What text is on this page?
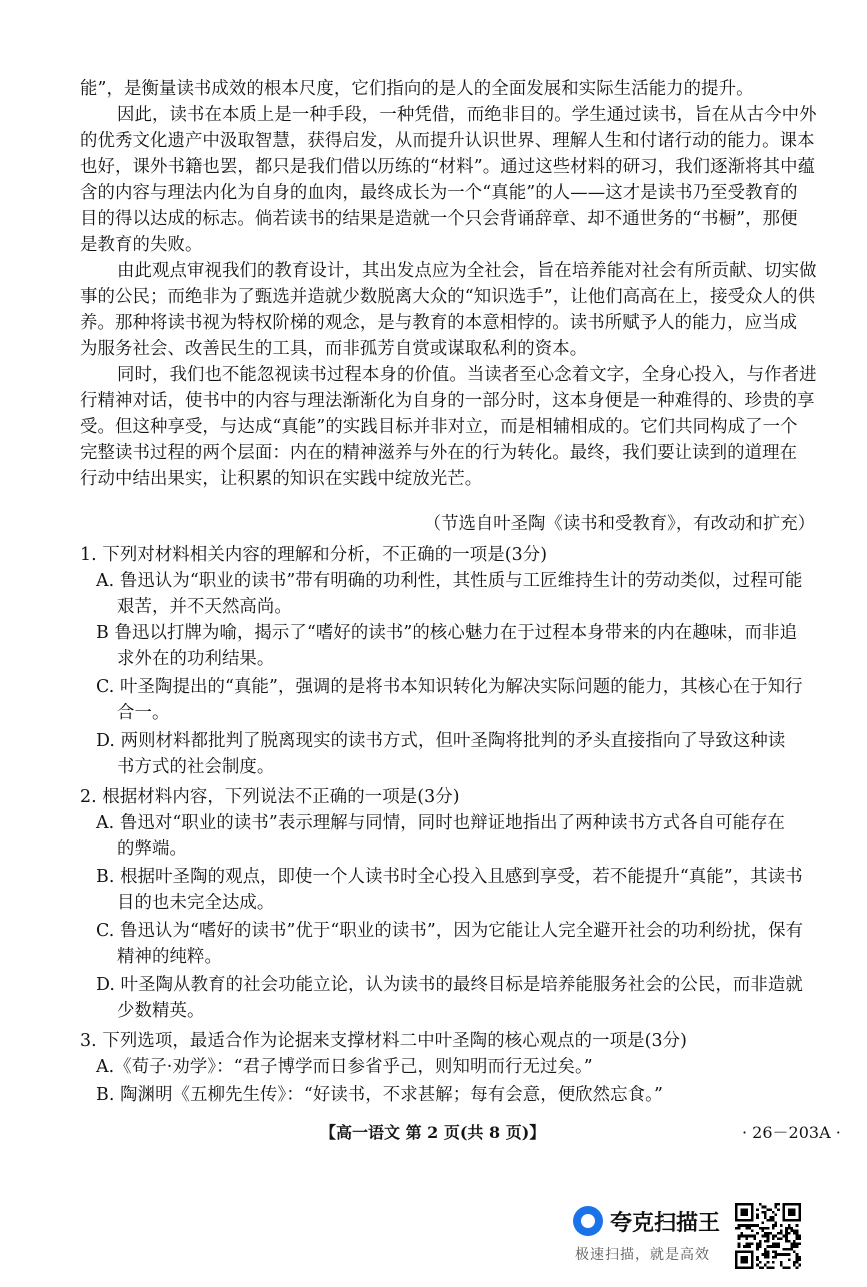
能”，是衡量读书成效的根本尺度，它们指向的是人的全面发展和实际生活能力的提升。
因此，读书在本质上是一种手段，一种凭借，而绝非目的。学生通过读书，旨在从古今中外
的优秀文化遗产中汲取智慧，获得启发，从而提升认识世界、理解人生和付诸行动的能力。课本
也好，课外书籍也罢，都只是我们借以历练的“材料”。通过这些材料的研习，我们逐渐将其中蕴
含的内容与理法内化为自身的血肉，最终成长为一个“真能”的人——这才是读书乃至受教育的
目的得以达成的标志。倘若读书的结果是造就一个只会背诵辞章、却不通世务的“书橱”，那便
是教育的失败。
由此观点审视我们的教育设计，其出发点应为全社会，旨在培养能对社会有所贡献、切实做
事的公民；而绝非为了甄选并造就少数脱离大众的“知识选手”，让他们高高在上，接受众人的供
养。那种将读书视为特权阶梯的观念，是与教育的本意相悖的。读书所赋予人的能力，应当成
为服务社会、改善民生的工具，而非孤芳自赏或谋取私利的资本。
同时，我们也不能忽视读书过程本身的价值。当读者至心念着文字，全身心投入，与作者进
行精神对话，使书中的内容与理法渐渐化为自身的一部分时，这本身便是一种难得的、珍贵的享
受。但这种享受，与达成“真能”的实践目标并非对立，而是相辅相成的。它们共同构成了一个
完整读书过程的两个层面：内在的精神滋养与外在的行为转化。最终，我们要让读到的道理在
行动中结出果实，让积累的知识在实践中绽放光芒。
（节选自叶圣陶《读书和受教育》，有改动和扩充）
1. 下列对材料相关内容的理解和分析，不正确的一项是(3分)
A. 鲁迅认为“职业的读书”带有明确的功利性，其性质与工匠维持生计的劳动类似，过程可能
艰苦，并不天然高尚。
B 鲁迅以打牌为喻，揭示了“嗜好的读书”的核心魅力在于过程本身带来的内在趣味，而非追
求外在的功利结果。
C. 叶圣陶提出的“真能”，强调的是将书本知识转化为解决实际问题的能力，其核心在于知行
合一。
D. 两则材料都批判了脱离现实的读书方式，但叶圣陶将批判的矛头直接指向了导致这种读
书方式的社会制度。
2. 根据材料内容，下列说法不正确的一项是(3分)
A. 鲁迅对“职业的读书”表示理解与同情，同时也辩证地指出了两种读书方式各自可能存在
的弊端。
B. 根据叶圣陶的观点，即使一个人读书时全心投入且感到享受，若不能提升“真能”，其读书
目的也未完全达成。
C. 鲁迅认为“嗜好的读书”优于“职业的读书”，因为它能让人完全避开社会的功利纷扰，保有
精神的纯粹。
D. 叶圣陶从教育的社会功能立论，认为读书的最终目标是培养能服务社会的公民，而非造就
少数精英。
3. 下列选项，最适合作为论据来支撑材料二中叶圣陶的核心观点的一项是(3分)
A.《荀子·劝学》：“君子博学而日参省乎己，则知明而行无过矣。”
B. 陶渊明《五柳先生传》：“好读书，不求甚解；每有会意，便欣然忘食。”
【高一语文 第 2 页(共 8 页)】	· 26－203A ·
夸克扫描王
极速扫描，就是高效
